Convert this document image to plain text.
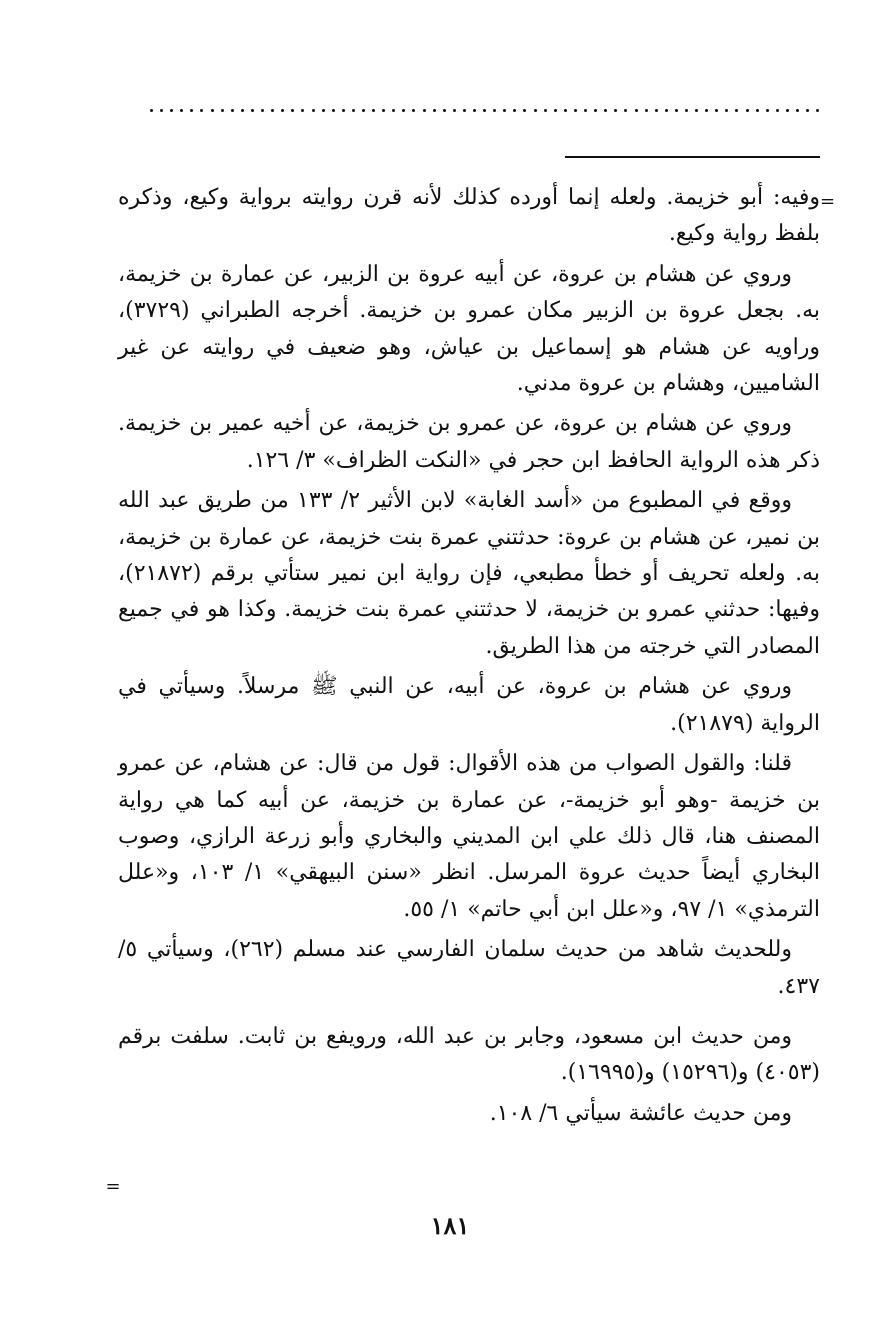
=

وفيه: أبو خزيمة. ولعله إنما أورده كذلك لأنه قرن روايته برواية وكيع، وذكره بلفظ رواية وكيع.

وروي عن هشام بن عروة، عن أبيه عروة بن الزبير، عن عمارة بن خزيمة، به. بجعل عروة بن الزبير مكان عمرو بن خزيمة. أخرجه الطبراني (٣٧٢٩)، وراويه عن هشام هو إسماعيل بن عياش، وهو ضعيف في روايته عن غير الشاميين، وهشام بن عروة مدني.

وروي عن هشام بن عروة، عن عمرو بن خزيمة، عن أخيه عمير بن خزيمة. ذكر هذه الرواية الحافظ ابن حجر في «النكت الظراف» ٣/ ١٢٦.

ووقع في المطبوع من «أسد الغابة» لابن الأثير ٢/ ١٣٣ من طريق عبد الله بن نمير، عن هشام بن عروة: حدثتني عمرة بنت خزيمة، عن عمارة بن خزيمة، به. ولعله تحريف أو خطأ مطبعي، فإن رواية ابن نمير ستأتي برقم (٢١٨٧٢)، وفيها: حدثني عمرو بن خزيمة، لا حدثتني عمرة بنت خزيمة. وكذا هو في جميع المصادر التي خرجته من هذا الطريق.

وروي عن هشام بن عروة، عن أبيه، عن النبي ﷺ مرسلاً. وسيأتي في الرواية (٢١٨٧٩).

قلنا: والقول الصواب من هذه الأقوال: قول من قال: عن هشام، عن عمرو بن خزيمة -وهو أبو خزيمة-، عن عمارة بن خزيمة، عن أبيه كما هي رواية المصنف هنا، قال ذلك علي ابن المديني والبخاري وأبو زرعة الرازي، وصوب البخاري أيضاً حديث عروة المرسل. انظر «سنن البيهقي» ١/ ١٠٣، و«علل الترمذي» ١/ ٩٧، و«علل ابن أبي حاتم» ١/ ٥٥.

وللحديث شاهد من حديث سلمان الفارسي عند مسلم (٢٦٢)، وسيأتي ٥/ ٤٣٧.

ومن حديث ابن مسعود، وجابر بن عبد الله، ورويفع بن ثابت. سلفت برقم (٤٠٥٣) و(١٥٢٩٦) و(١٦٩٩٥).

ومن حديث عائشة سيأتي ٦/ ١٠٨.

=
١٨١
